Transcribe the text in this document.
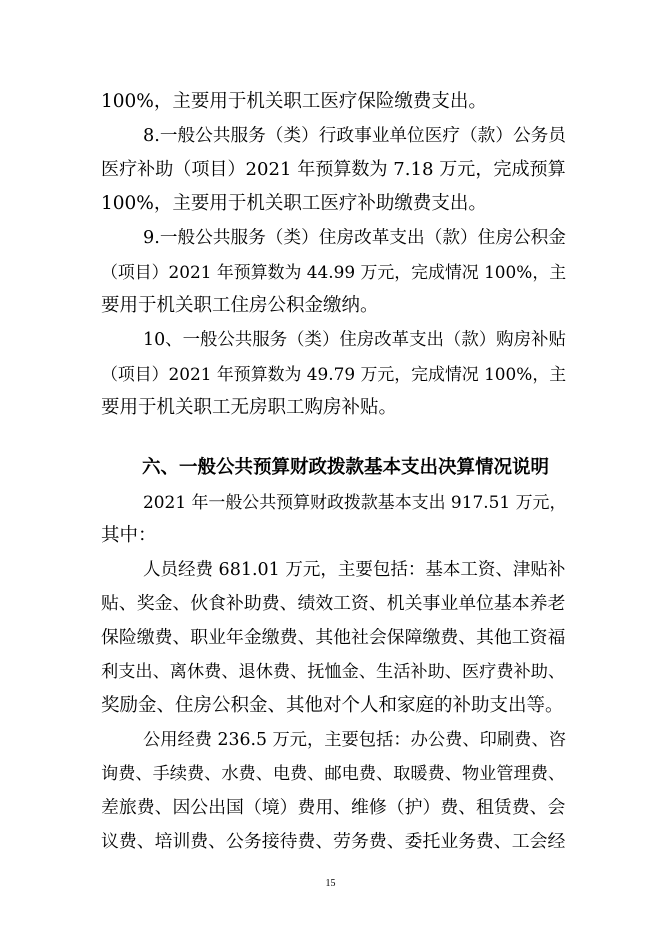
100%，主要用于机关职工医疗保险缴费支出。
8.一般公共服务（类）行政事业单位医疗（款）公务员
医疗补助（项目）2021 年预算数为 7.18 万元，完成预算
100%，主要用于机关职工医疗补助缴费支出。
9.一般公共服务（类）住房改革支出（款）住房公积金
（项目）2021 年预算数为 44.99 万元，完成情况 100%，主
要用于机关职工住房公积金缴纳。
10、一般公共服务（类）住房改革支出（款）购房补贴
（项目）2021 年预算数为 49.79 万元，完成情况 100%，主
要用于机关职工无房职工购房补贴。
六、一般公共预算财政拨款基本支出决算情况说明
2021 年一般公共预算财政拨款基本支出 917.51 万元，
其中：
人员经费 681.01 万元，主要包括：基本工资、津贴补
贴、奖金、伙食补助费、绩效工资、机关事业单位基本养老
保险缴费、职业年金缴费、其他社会保障缴费、其他工资福
利支出、离休费、退休费、抚恤金、生活补助、医疗费补助、
奖励金、住房公积金、其他对个人和家庭的补助支出等。
公用经费 236.5 万元，主要包括：办公费、印刷费、咨
询费、手续费、水费、电费、邮电费、取暖费、物业管理费、
差旅费、因公出国（境）费用、维修（护）费、租赁费、会
议费、培训费、公务接待费、劳务费、委托业务费、工会经
15
